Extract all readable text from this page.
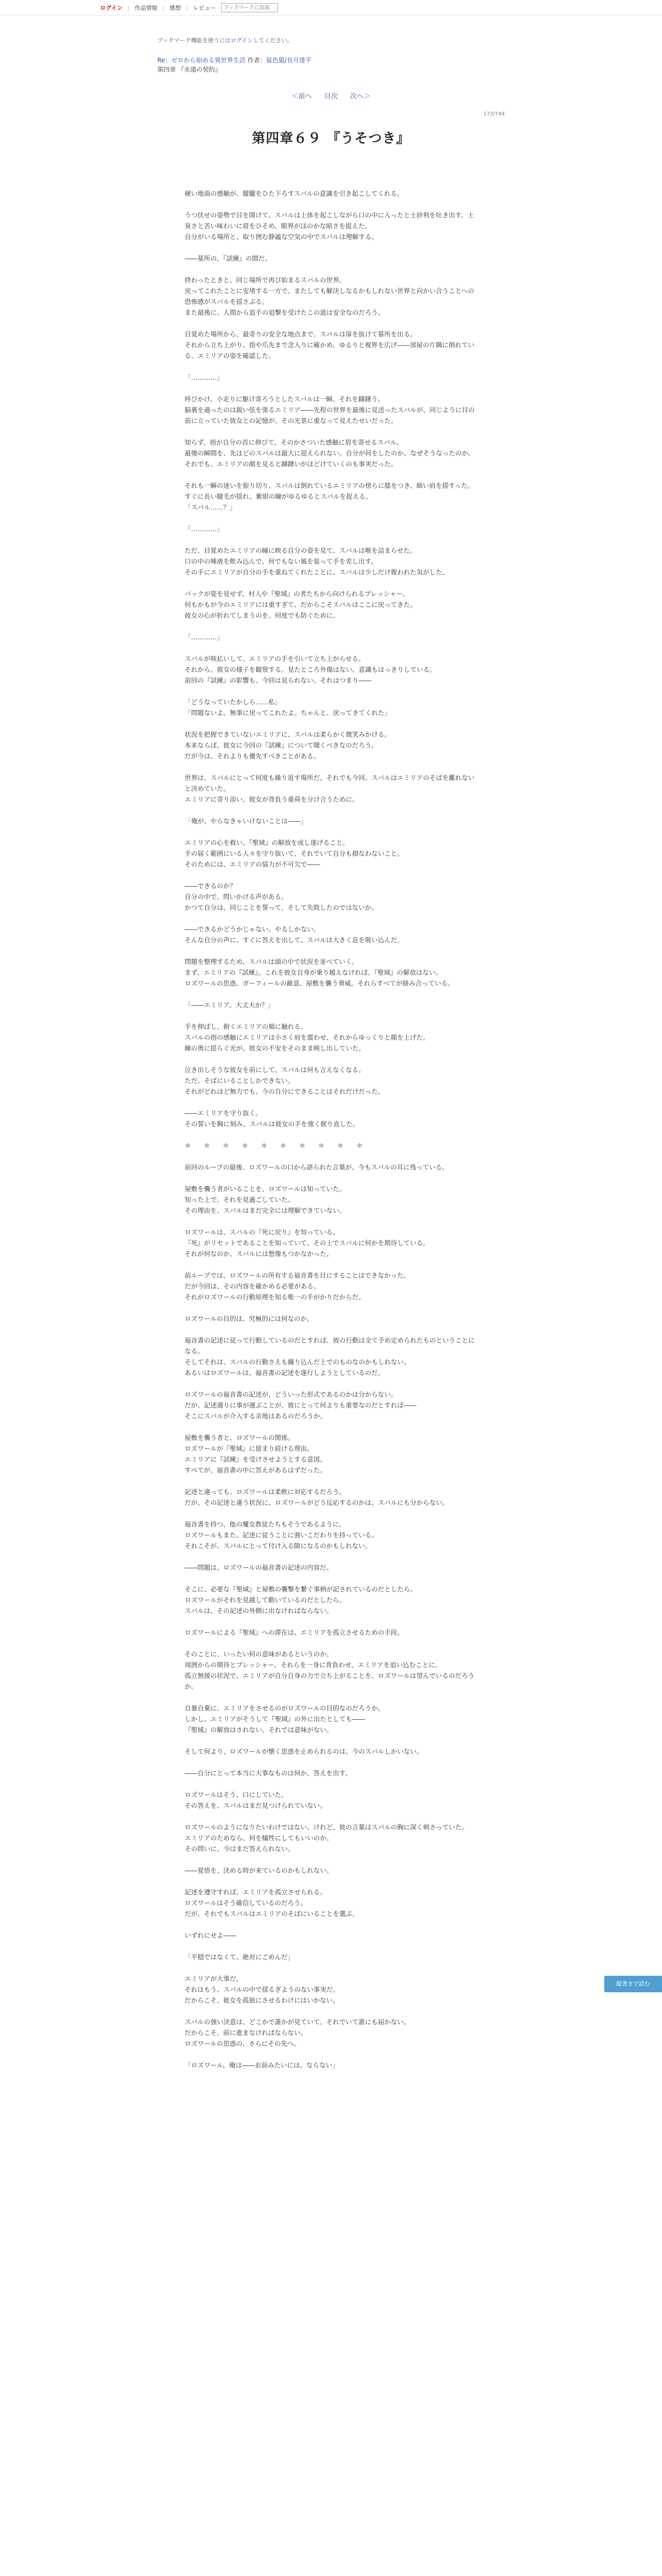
ログイン | 作品情報 | 感想 | レビュー
ブックマークに追加
ブックマーク機能を使うにはログインしてください。
Re：ゼロから始める異世界生活 作者：鼠色猫/長月達平
第四章 『永遠の契約』
＜前へ 目次 次へ＞
173/744
第四章６９ 『うそつき』

硬い地面の感触が、朦朧をひた下ろすスバルの意識を引き起こしてくれる。

うつ伏せの姿勢で目を開けて、スバルは上体を起こしながら口の中に入ったと土砂利を吐き出す。土臭さと苦い味わいに眉をひそめ、眼界がほのかな暗さを捉えた。
自分がいる場所と、取り囲む静謐な空気の中でスバルは理解する。

――墓所の、『試練』の間だ。

終わったときと、同じ場所で再び始まるスバルの世界。
戻ってこれたことに安堵する一方で、またしても解決しなるかもしれない世界と向かい合うことへの恐怖感がスバルを揺さぶる。
また最後に、人間から追手の追撃を受けたこの道は安全なのだろう。

目覚めた場所から、最寄りの安全な地点まで。スバルは扉を抜けて墓所を出る。
それから立ち上がり、指や爪先まで念入りに確かめ、ゆるりと視界を広げ――部屋の片隅に倒れている、エミリアの姿を確認した。

「…………」

呼びかけ、小走りに駆け寄ろうとしたスバルは一瞬、それを躊躇う。
脳裏を過ったのは鋭い弦を張るエミリア――先程の世界を最後に見送ったスバルが、同じように目の前に立っていた彼女との記憶が、その光景に重なって見えたせいだった。

知らず、指が自分の首に伸びて、そのかさついた感触に眉を寄せるスバル。
最後の瞬間を、先ほどのスバルは最大に迎えられない。自分が何をしたのか、なぜそうなったのか。
それでも、エミリアの顔を見ると躊躇いがほどけていくのも事実だった。

それも一瞬の迷いを振り切り、スバルは倒れているエミリアの傍らに膝をつき、細い肩を揺すった。
すぐに長い睫毛が揺れ、紫紺の瞳がゆるゆるとスバルを捉える。
「スバル……？」

「…………」

ただ、目覚めたエミリアの瞳に映る自分の姿を見て、スバルは喉を詰まらせた。
口の中の唾液を飲み込んで、何でもない風を装って手を差し出す。
その手にエミリアが自分の手を重ねてくれたことに、スバルは少しだけ報われた気がした。

パックが姿を見せず、村人や『聖域』の者たちから向けられるプレッシャー。
何もかもが今のエミリアには重すぎて、だからこそスバルはここに戻ってきた。
彼女の心が折れてしまうのを、何度でも防ぐために。

「…………」

スバルが咳払いして、エミリアの手を引いて立ち上がらせる。
それから、彼女の様子を観察する。見たところ外傷はない。意識もはっきりしている。
前回の『試練』の影響も、今回は見られない。それはつまり――

「どうなっていたかしら……私」
「問題ないよ。無事に戻ってこれたよ。ちゃんと、戻ってきてくれた」

状況を把握できていないエミリアに、スバルは柔らかく微笑みかける。
本来ならば、彼女に今回の『試練』について聞くべきなのだろう。
だが今は、それよりも優先すべきことがある。

世界は、スバルにとって何度も繰り返す場所だ。それでも今回、スバルはエミリアのそばを離れないと決めていた。
エミリアに寄り添い、彼女が背負う重荷を分け合うために。

「俺が、やらなきゃいけないことは――」

エミリアの心を救い、『聖域』の解放を成し遂げること。
手の届く範囲にいる人々を守り抜いて、それでいて自分も損なわないこと。
そのためには、エミリアの協力が不可欠で――

――できるのか？
自分の中で、問いかける声がある。
かつて自分は、同じことを誓って、そして失敗したのではないか。

――できるかどうかじゃない。やるしかない。
そんな自分の声に、すぐに答えを出して、スバルは大きく息を吸い込んだ。

問題を整理するため、スバルは頭の中で状況を並べていく。
まず、エミリアの『試練』。これを彼女自身が乗り越えなければ、『聖域』の解放はない。
ロズワールの思惑、ガーフィールの敵意、屋敷を襲う脅威。それらすべてが絡み合っている。

「――エミリア、大丈夫か？」

手を伸ばし、俯くエミリアの頬に触れる。
スバルの指の感触にエミリアは小さく肩を震わせ、それからゆっくりと顔を上げた。
瞳の奥に揺らぐ光が、彼女の不安をそのまま映し出していた。

泣き出しそうな彼女を前にして、スバルは何も言えなくなる。
ただ、そばにいることしかできない。
それがどれほど無力でも、今の自分にできることはそれだけだった。

――エミリアを守り抜く。
その誓いを胸に刻み、スバルは彼女の手を強く握り直した。

＊　＊　＊　＊　＊　＊　＊　＊　＊　＊

前回のループの最後、ロズワールの口から語られた言葉が、今もスバルの耳に残っている。

屋敷を襲う者がいることを、ロズワールは知っていた。
知った上で、それを見過ごしていた。
その理由を、スバルはまだ完全には理解できていない。

ロズワールは、スバルの『死に戻り』を知っている。
『死』がリセットであることを知っていて、その上でスバルに何かを期待している。
それが何なのか、スバルには想像もつかなかった。

前ループでは、ロズワールの所有する福音書を目にすることはできなかった。
だが今回は、その内容を確かめる必要がある。
それがロズワールの行動原理を知る唯一の手がかりだからだ。

ロズワールの目的は、究極的には何なのか。

福音書の記述に従って行動しているのだとすれば、彼の行動は全て予め定められたものということになる。
そしてそれは、スバルの行動さえも織り込んだ上でのものなのかもしれない。
あるいはロズワールは、福音書の記述を遂行しようとしているのだ。

ロズワールの福音書の記述が、どういった形式であるのかは分からない。
だが、記述通りに事が運ぶことが、彼にとって何よりも重要なのだとすれば――
そこにスバルが介入する余地はあるのだろうか。

屋敷を襲う者と、ロズワールの関係。
ロズワールが『聖域』に留まり続ける理由。
エミリアに『試練』を受けさせようとする意図。
すべてが、福音書の中に答えがあるはずだった。

記述と違っても、ロズワールは柔軟に対応するだろう。
だが、その記述と違う状況に、ロズワールがどう反応するのかは、スバルにも分からない。

福音書を持つ、他の魔女教徒たちもそうであるように。
ロズワールもまた、記述に従うことに強いこだわりを持っている。
それこそが、スバルにとって付け入る隙になるのかもしれない。

――問題は、ロズワールの福音書の記述の内容だ。

そこに、必要な『聖域』と屋敷の襲撃を繋ぐ事柄が記されているのだとしたら。
ロズワールがそれを見越して動いているのだとしたら。
スバルは、その記述の外側に出なければならない。

ロズワールによる『聖域』への滞在は、エミリアを孤立させるための手段。

そのことに、いったい何の意味があるというのか。
周囲からの期待とプレッシャー、それらを一身に背負わせ、エミリアを追い込むことに。
孤立無援の状況で、エミリアが自分自身の力で立ち上がることを、ロズワールは望んでいるのだろうか。

自暴自棄に、エミリアをさせるのがロズワールの目的なのだろうか。
しかし、エミリアがそうして『聖域』の外に出たとしても――
『聖域』の解放はされない。それでは意味がない。

そして何より、ロズワールが懐く思惑を止められるのは、今のスバルしかいない。

――自分にとって本当に大事なものは何か、答えを出す。

ロズワールはそう、口にしていた。
その答えを、スバルはまだ見つけられていない。

ロズワールのようになりたいわけではない。けれど、彼の言葉はスバルの胸に深く刺さっていた。
エミリアのためなら、何を犠牲にしてもいいのか。
その問いに、今はまだ答えられない。

――覚悟を、決める時が来ているのかもしれない。

記述を遵守すれば、エミリアを孤立させられる。
ロズワールはそう確信しているのだろう。
だが、それでもスバルはエミリアのそばにいることを選ぶ。

いずれにせよ――

「平穏ではなくて、絶対にごめんだ」

エミリアが大事だ。
それはもう、スバルの中で揺るぎようのない事実だ。
だからこそ、彼女を孤独にさせるわけにはいかない。

スバルの強い決意は、どこかで誰かが見ていて、それでいて誰にも届かない。
だからこそ、前に進まなければならない。
ロズワールの思惑の、さらにその先へ。

「ロズワール、俺は――お前みたいには、ならない」

縦書きで読む
